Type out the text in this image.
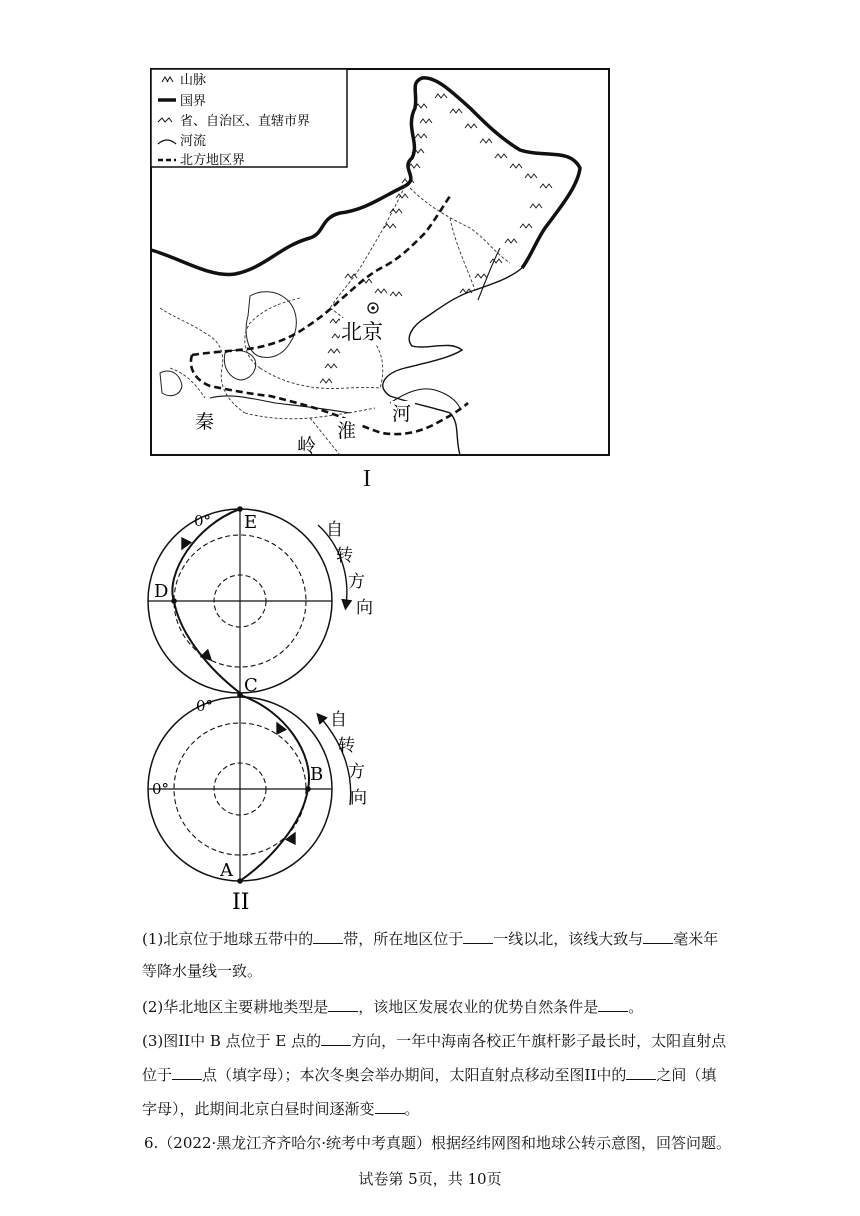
山脉
国界
省、自治区、直辖市界
河流
北方地区界
北京
秦
岭
淮
河
I
E
D
C
B
A
0°
0°
0°
自
转
方
向
自
转
方
向
II
(1)北京位于地球五带中的 带，所在地区位于 一线以北，该线大致与 毫米年
等降水量线一致。
(2)华北地区主要耕地类型是 ，该地区发展农业的优势自然条件是 。
(3)图II中 B 点位于 E 点的 方向，一年中海南各校正午旗杆影子最长时，太阳直射点
位于 点（填字母）；本次冬奥会举办期间，太阳直射点移动至图II中的 之间（填
字母），此期间北京白昼时间逐渐变 。
6.（2022·黑龙江齐齐哈尔·统考中考真题）根据经纬网图和地球公转示意图，回答问题。
试卷第 5页，共 10页
